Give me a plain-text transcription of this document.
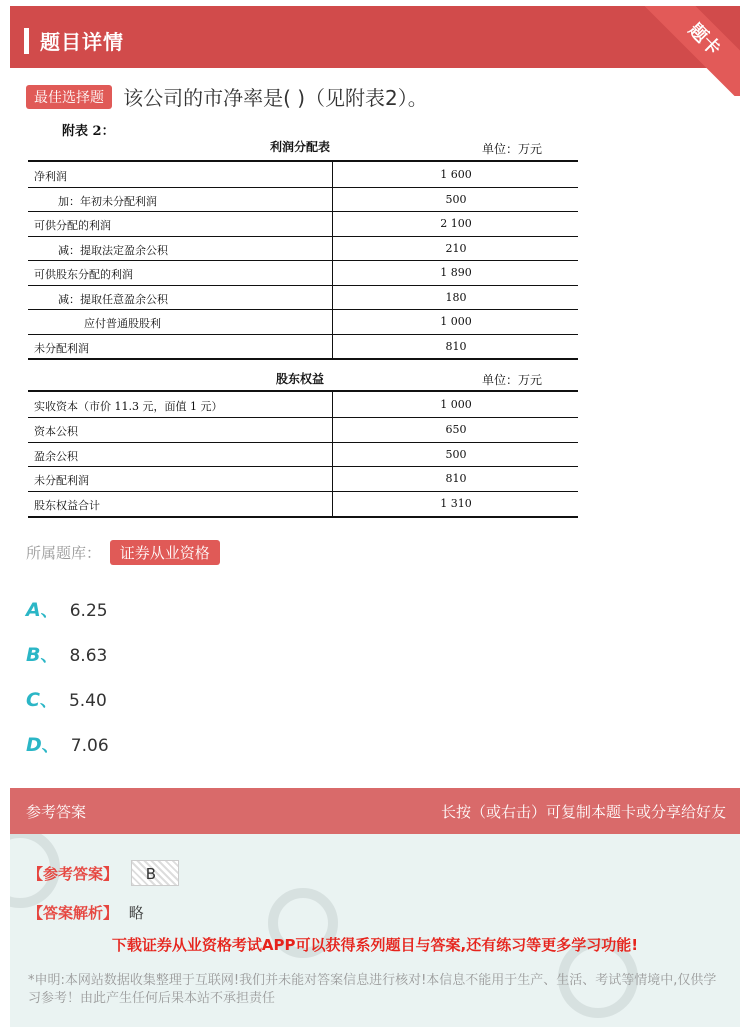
题目详情	题卡
最佳选择题 该公司的市净率是( )（见附表2）。
附表 2：
利润分配表	单位：万元
净利润	1 600
加：年初未分配利润	500
可供分配的利润	2 100
减：提取法定盈余公积	210
可供股东分配的利润	1 890
减：提取任意盈余公积	180
应付普通股股利	1 000
未分配利润	810
股东权益	单位：万元
实收资本（市价 11.3 元，面值 1 元）	1 000
资本公积	650
盈余公积	500
未分配利润	810
股东权益合计	1 310
所属题库： 证券从业资格
A、 6.25
B、 8.63
C、 5.40
D、 7.06
参考答案	长按（或右击）可复制本题卡或分享给好友
【参考答案】 B
【答案解析】 略
下载证券从业资格考试APP可以获得系列题目与答案,还有练习等更多学习功能!
*申明:本网站数据收集整理于互联网!我们并未能对答案信息进行核对!本信息不能用于生产、生活、考试等情境中,仅供学习参考！由此产生任何后果本站不承担责任
